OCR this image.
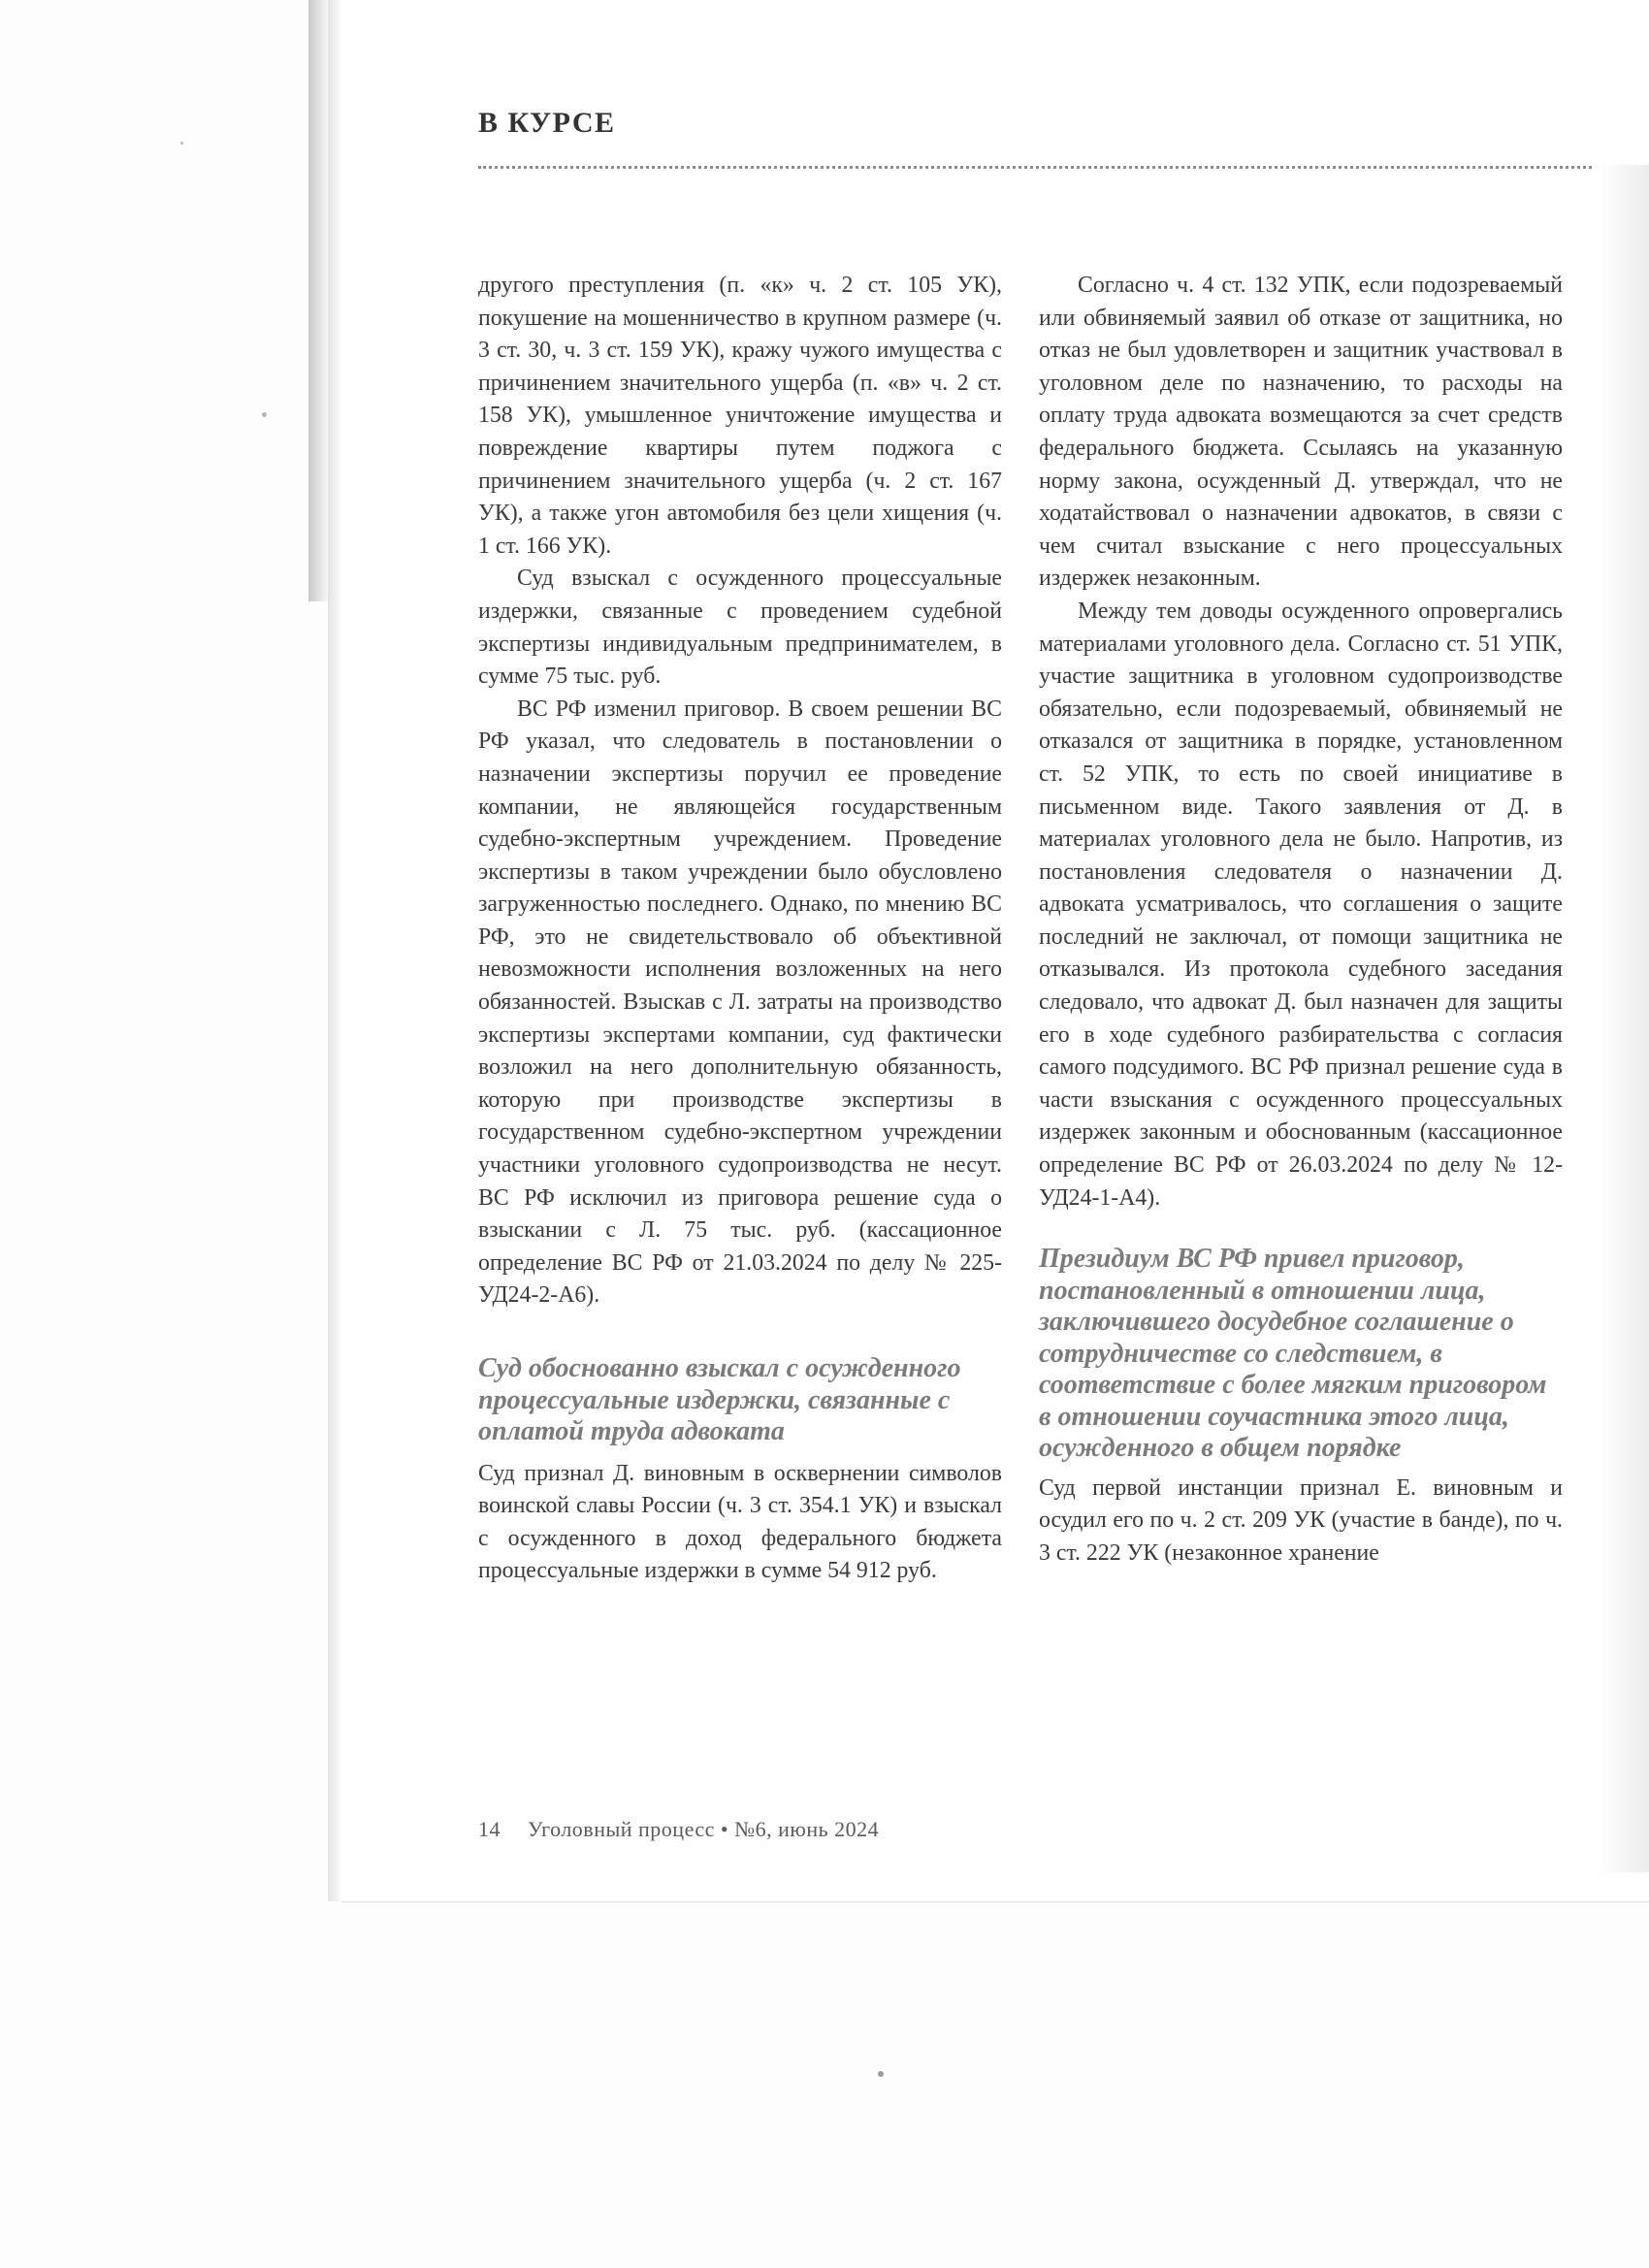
В КУРСЕ

другого преступления (п. «к» ч. 2 ст. 105 УК), покушение на мошенничество в крупном размере (ч. 3 ст. 30, ч. 3 ст. 159 УК), кражу чужого имущества с причинением значительного ущерба (п. «в» ч. 2 ст. 158 УК), умышленное уничтожение имущества и повреждение квартиры путем поджога с причинением значительного ущерба (ч. 2 ст. 167 УК), а также угон автомобиля без цели хищения (ч. 1 ст. 166 УК).

Суд взыскал с осужденного процессуальные издержки, связанные с проведением судебной экспертизы индивидуальным предпринимателем, в сумме 75 тыс. руб.

ВС РФ изменил приговор. В своем решении ВС РФ указал, что следователь в постановлении о назначении экспертизы поручил ее проведение компании, не являющейся государственным судебно-экспертным учреждением. Проведение экспертизы в таком учреждении было обусловлено загруженностью последнего. Однако, по мнению ВС РФ, это не свидетельствовало об объективной невозможности исполнения возложенных на него обязанностей. Взыскав с Л. затраты на производство экспертизы экспертами компании, суд фактически возложил на него дополнительную обязанность, которую при производстве экспертизы в государственном судебно-экспертном учреждении участники уголовного судопроизводства не несут. ВС РФ исключил из приговора решение суда о взыскании с Л. 75 тыс. руб. (кассационное определение ВС РФ от 21.03.2024 по делу № 225-УД24-2-А6).

Суд обоснованно взыскал с осужденного процессуальные издержки, связанные с оплатой труда адвоката

Суд признал Д. виновным в осквернении символов воинской славы России (ч. 3 ст. 354.1 УК) и взыскал с осужденного в доход федерального бюджета процессуальные издержки в сумме 54 912 руб.

Согласно ч. 4 ст. 132 УПК, если подозреваемый или обвиняемый заявил об отказе от защитника, но отказ не был удовлетворен и защитник участвовал в уголовном деле по назначению, то расходы на оплату труда адвоката возмещаются за счет средств федерального бюджета. Ссылаясь на указанную норму закона, осужденный Д. утверждал, что не ходатайствовал о назначении адвокатов, в связи с чем считал взыскание с него процессуальных издержек незаконным.

Между тем доводы осужденного опровергались материалами уголовного дела. Согласно ст. 51 УПК, участие защитника в уголовном судопроизводстве обязательно, если подозреваемый, обвиняемый не отказался от защитника в порядке, установленном ст. 52 УПК, то есть по своей инициативе в письменном виде. Такого заявления от Д. в материалах уголовного дела не было. Напротив, из постановления следователя о назначении Д. адвоката усматривалось, что соглашения о защите последний не заключал, от помощи защитника не отказывался. Из протокола судебного заседания следовало, что адвокат Д. был назначен для защиты его в ходе судебного разбирательства с согласия самого подсудимого. ВС РФ признал решение суда в части взыскания с осужденного процессуальных издержек законным и обоснованным (кассационное определение ВС РФ от 26.03.2024 по делу № 12-УД24-1-А4).

Президиум ВС РФ привел приговор, постановленный в отношении лица, заключившего досудебное соглашение о сотрудничестве со следствием, в соответствие с более мягким приговором в отношении соучастника этого лица, осужденного в общем порядке

Суд первой инстанции признал Е. виновным и осудил его по ч. 2 ст. 209 УК (участие в банде), по ч. 3 ст. 222 УК (незаконное хранение

14 Уголовный процесс • №6, июнь 2024
